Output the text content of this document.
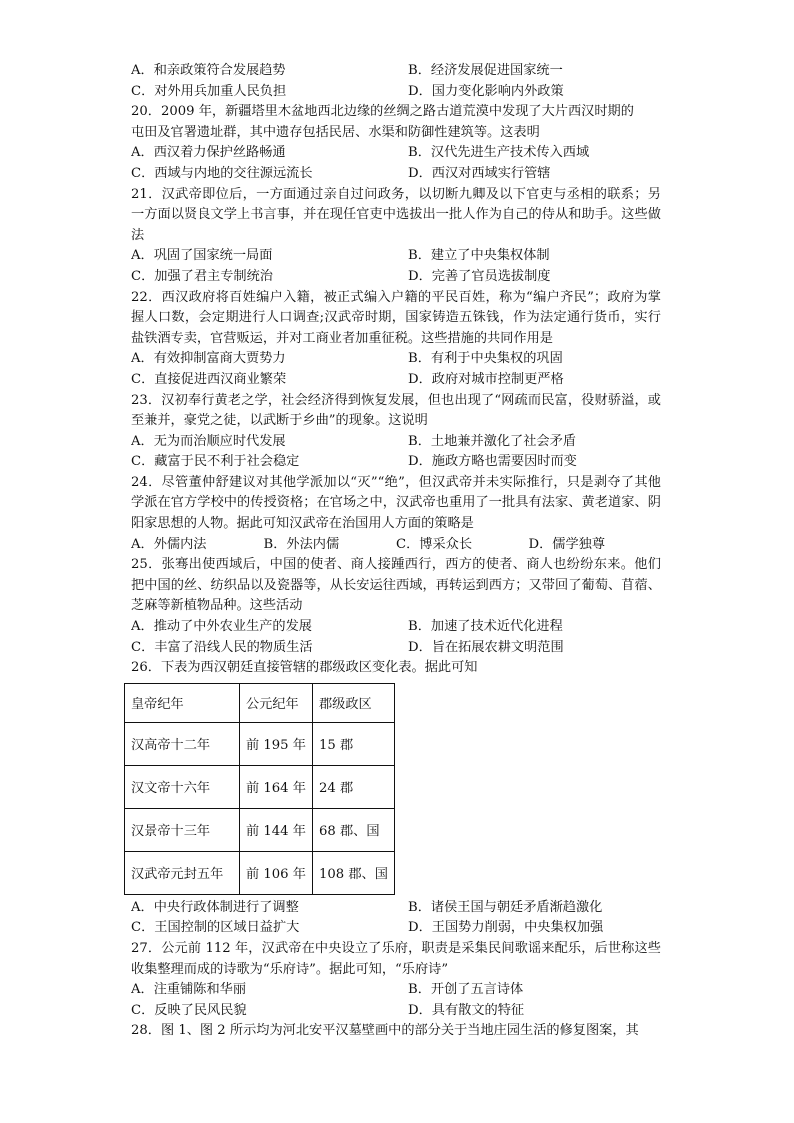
A．和亲政策符合发展趋势	B．经济发展促进国家统一
C．对外用兵加重人民负担	D．国力变化影响内外政策
20．2009 年，新疆塔里木盆地西北边缘的丝绸之路古道荒漠中发现了大片西汉时期的
屯田及官署遗址群，其中遗存包括民居、水渠和防御性建筑等。这表明
A．西汉着力保护丝路畅通	B．汉代先进生产技术传入西域
C．西域与内地的交往源远流长	D．西汉对西域实行管辖
21．汉武帝即位后，一方面通过亲自过问政务，以切断九卿及以下官吏与丞相的联系；另一方面以贤良文学上书言事，并在现任官吏中选拔出一批人作为自己的侍从和助手。这些做法
A．巩固了国家统一局面	B．建立了中央集权体制
C．加强了君主专制统治	D．完善了官员选拔制度
22．西汉政府将百姓编户入籍，被正式编入户籍的平民百姓，称为“编户齐民”；政府为掌握人口数，会定期进行人口调查;汉武帝时期，国家铸造五铢钱，作为法定通行货币，实行盐铁酒专卖，官营贩运，并对工商业者加重征税。这些措施的共同作用是
A．有效抑制富商大贾势力	B．有利于中央集权的巩固
C．直接促进西汉商业繁荣	D．政府对城市控制更严格
23．汉初奉行黄老之学，社会经济得到恢复发展，但也出现了“网疏而民富，役财骄溢，或至兼并，豪党之徒，以武断于乡曲”的现象。这说明
A．无为而治顺应时代发展	B．土地兼并激化了社会矛盾
C．藏富于民不利于社会稳定	D．施政方略也需要因时而变
24．尽管董仲舒建议对其他学派加以“灭”“绝”，但汉武帝并未实际推行，只是剥夺了其他学派在官方学校中的传授资格；在官场之中，汉武帝也重用了一批具有法家、黄老道家、阴阳家思想的人物。据此可知汉武帝在治国用人方面的策略是
A．外儒内法	B．外法内儒	C．博采众长	D．儒学独尊
25．张骞出使西域后，中国的使者、商人接踵西行，西方的使者、商人也纷纷东来。他们把中国的丝、纺织品以及瓷器等，从长安运往西域，再转运到西方；又带回了葡萄、苜蓿、芝麻等新植物品种。这些活动
A．推动了中外农业生产的发展	B．加速了技术近代化进程
C．丰富了沿线人民的物质生活	D．旨在拓展农耕文明范围
26．下表为西汉朝廷直接管辖的郡级政区变化表。据此可知
皇帝纪年	公元纪年	郡级政区
汉高帝十二年	前 195 年	15 郡
汉文帝十六年	前 164 年	24 郡
汉景帝十三年	前 144 年	68 郡、国
汉武帝元封五年	前 106 年	108 郡、国
A．中央行政体制进行了调整	B．诸侯王国与朝廷矛盾渐趋激化
C．王国控制的区域日益扩大	D．王国势力削弱，中央集权加强
27．公元前 112 年，汉武帝在中央设立了乐府，职责是采集民间歌谣来配乐，后世称这些收集整理而成的诗歌为“乐府诗”。据此可知，“乐府诗”
A．注重铺陈和华丽	B．开创了五言诗体
C．反映了民风民貌	D．具有散文的特征
28．图 1、图 2 所示均为河北安平汉墓壁画中的部分关于当地庄园生活的修复图案，其
